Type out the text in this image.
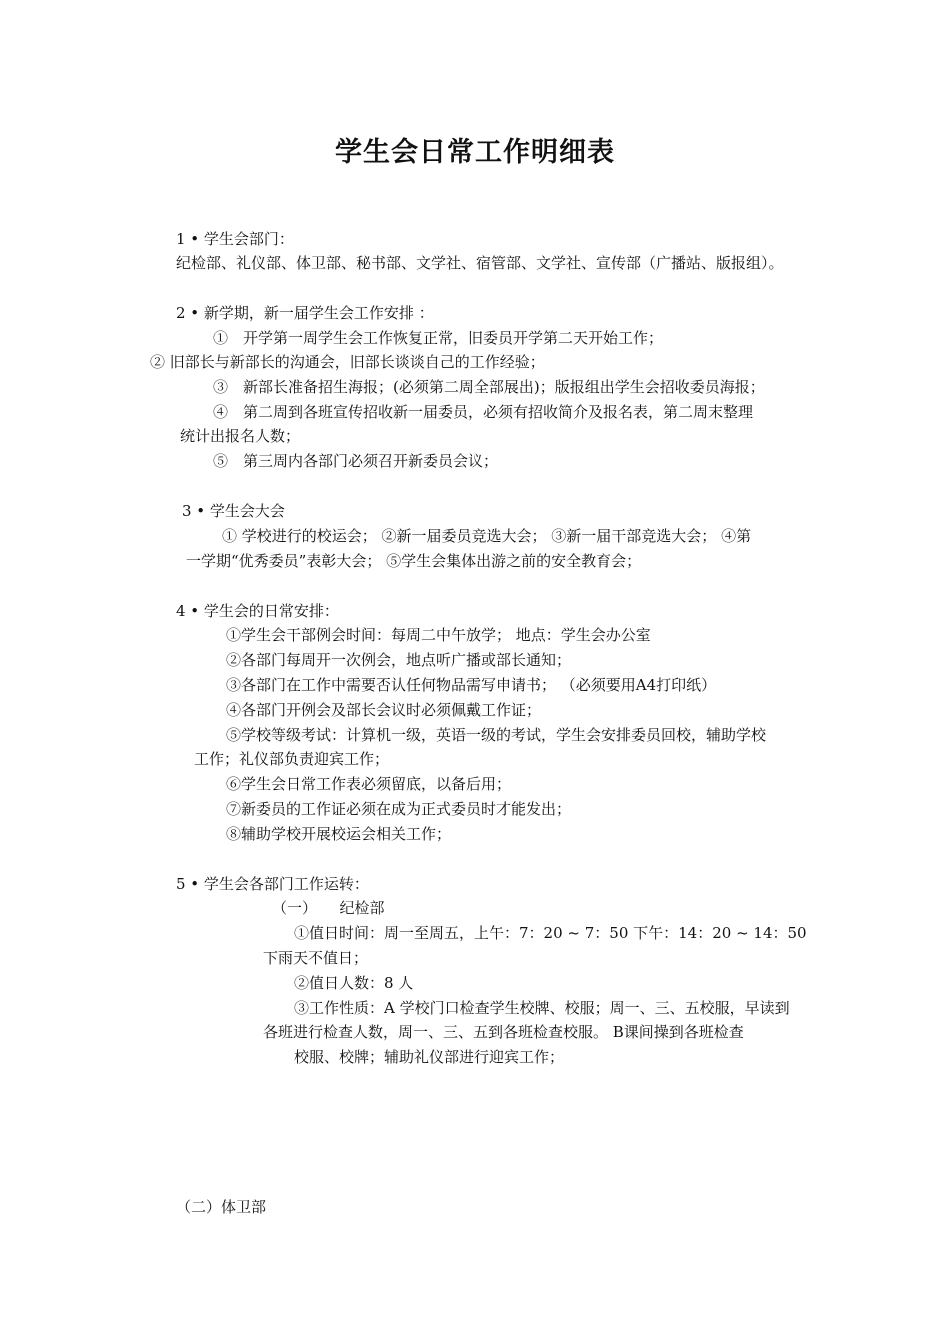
学生会日常工作明细表
1 • 学生会部门：
纪检部、礼仪部、体卫部、秘书部、文学社、宿管部、文学社、宣传部（广播站、版报组）。
2 • 新学期，新一届学生会工作安排 ：
①　开学第一周学生会工作恢复正常，旧委员开学第二天开始工作；
② 旧部长与新部长的沟通会，旧部长谈谈自己的工作经验；
③　新部长准备招生海报；(必须第二周全部展出)；版报组出学生会招收委员海报；
④　第二周到各班宣传招收新一届委员，必须有招收简介及报名表，第二周末整理
统计出报名人数；
⑤　第三周内各部门必须召开新委员会议；
3 • 学生会大会
① 学校进行的校运会； ②新一届委员竞选大会； ③新一届干部竞选大会； ④第
一学期“优秀委员”表彰大会； ⑤学生会集体出游之前的安全教育会；
4 • 学生会的日常安排：
①学生会干部例会时间：每周二中午放学； 地点：学生会办公室
②各部门每周开一次例会，地点听广播或部长通知；
③各部门在工作中需要否认任何物品需写申请书； （必须要用A4打印纸）
④各部门开例会及部长会议时必须佩戴工作证；
⑤学校等级考试：计算机一级，英语一级的考试，学生会安排委员回校，辅助学校
工作；礼仪部负责迎宾工作；
⑥学生会日常工作表必须留底，以备后用；
⑦新委员的工作证必须在成为正式委员时才能发出；
⑧辅助学校开展校运会相关工作；
5 • 学生会各部门工作运转：
（一）　　纪检部
①值日时间：周一至周五，上午：7：20 ~ 7：50 下午：14：20 ~ 14：50
下雨天不值日；
②值日人数：8 人
③工作性质：A 学校门口检查学生校牌、校服；周一、三、五校服，早读到
各班进行检查人数，周一、三、五到各班检查校服。 B课间操到各班检查
校服、校牌；辅助礼仪部进行迎宾工作；
（二）体卫部
